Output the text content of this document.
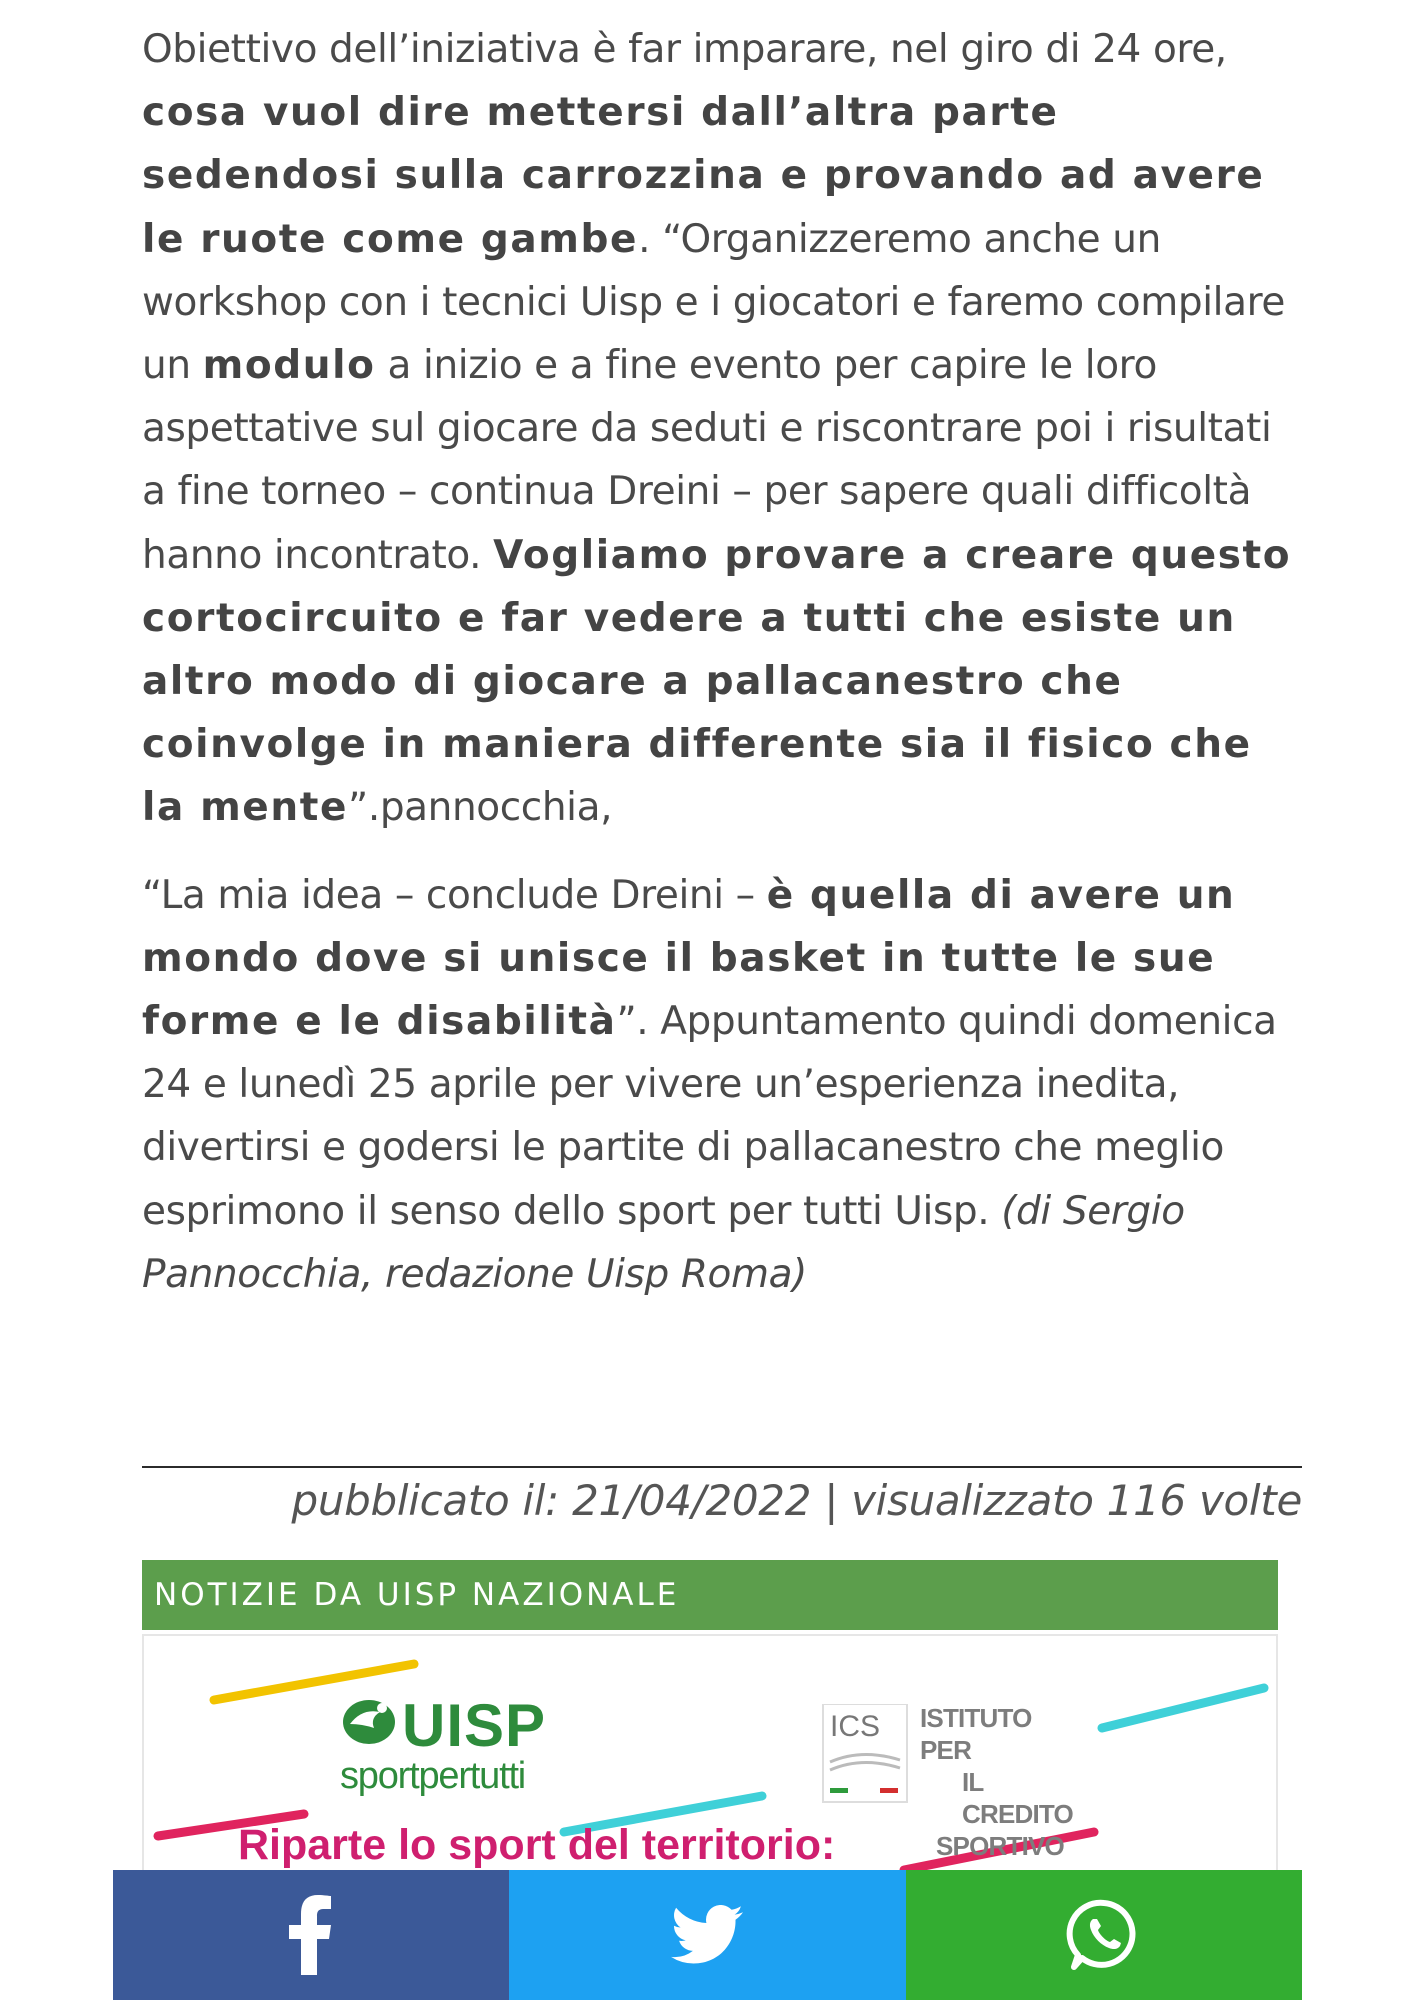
Obiettivo dell’iniziativa è far imparare, nel giro di 24 ore, cosa vuol dire mettersi dall’altra parte sedendosi sulla carrozzina e provando ad avere le ruote come gambe. “Organizzeremo anche un workshop con i tecnici Uisp e i giocatori e faremo compilare un modulo a inizio e a fine evento per capire le loro aspettative sul giocare da seduti e riscontrare poi i risultati a fine torneo – continua Dreini – per sapere quali difficoltà hanno incontrato. Vogliamo provare a creare questo cortocircuito e far vedere a tutti che esiste un altro modo di giocare a pallacanestro che coinvolge in maniera differente sia il fisico che la mente”.pannocchia,

“La mia idea – conclude Dreini – è quella di avere un mondo dove si unisce il basket in tutte le sue forme e le disabilità”. Appuntamento quindi domenica 24 e lunedì 25 aprile per vivere un’esperienza inedita, divertirsi e godersi le partite di pallacanestro che meglio esprimono il senso dello sport per tutti Uisp. (di Sergio Pannocchia, redazione Uisp Roma)

pubblicato il: 21/04/2022 | visualizzato 116 volte
NOTIZIE DA UISP NAZIONALE
UISP
sportpertutti
ICS ISTITUTO PER
IL CREDITO
SPORTIVO
Riparte lo sport del territorio:
